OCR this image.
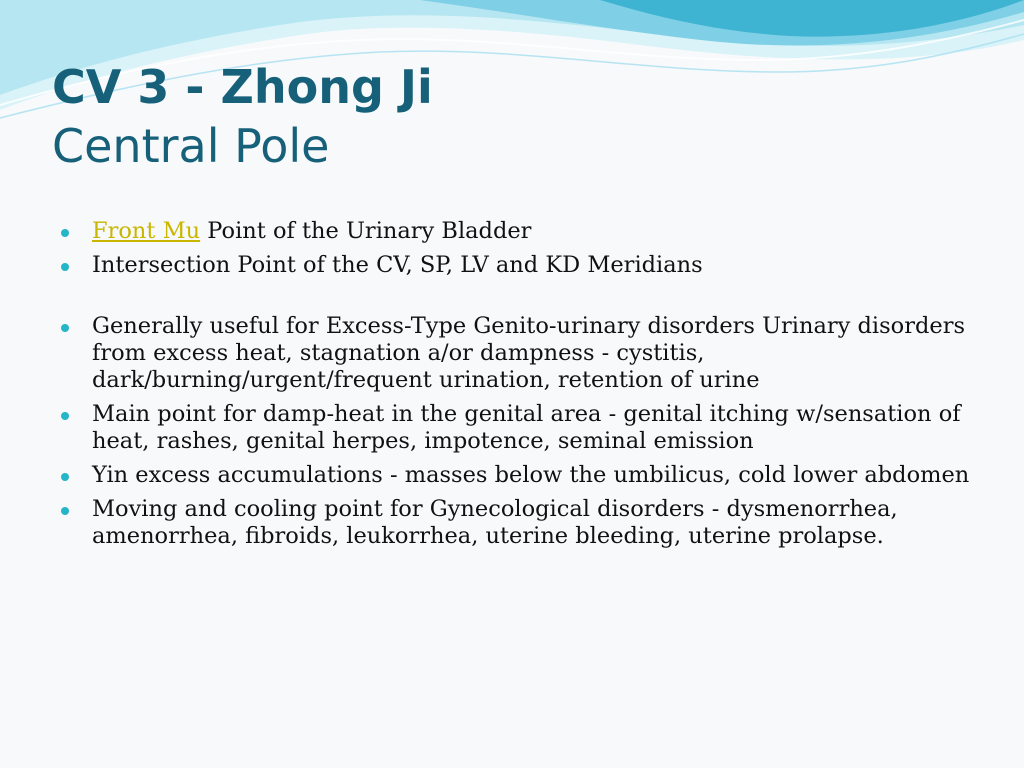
CV 3 - Zhong Ji
Central Pole
Front Mu Point of the Urinary Bladder
Intersection Point of the CV, SP, LV and KD Meridians
Generally useful for Excess-Type Genito-urinary disorders Urinary disorders from excess heat, stagnation a/or dampness - cystitis, dark/burning/urgent/frequent urination, retention of urine
Main point for damp-heat in the genital area - genital itching w/sensation of heat, rashes, genital herpes, impotence, seminal emission
Yin excess accumulations - masses below the umbilicus, cold lower abdomen
Moving and cooling point for Gynecological disorders - dysmenorrhea, amenorrhea, fibroids, leukorrhea, uterine bleeding, uterine prolapse.
